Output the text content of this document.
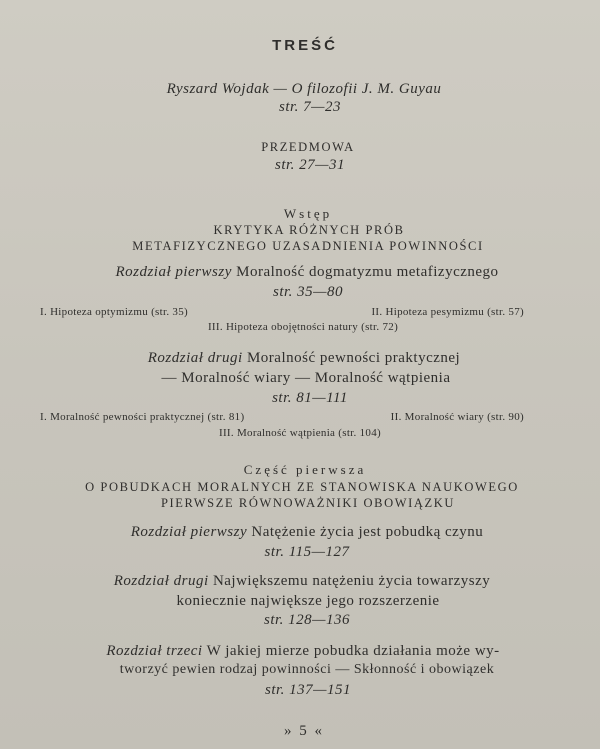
TREŚĆ
Ryszard Wojdak — O filozofii J. M. Guyau
str. 7—23
PRZEDMOWA
str. 27—31
Wstęp
KRYTYKA RÓŻNYCH PRÓB
METAFIZYCZNEGO UZASADNIENIA POWINNOŚCI
Rozdział pierwszy Moralność dogmatyzmu metafizycznego
str. 35—80
I. Hipoteza optymizmu (str. 35)	II. Hipoteza pesymizmu (str. 57)
III. Hipoteza obojętności natury (str. 72)
Rozdział drugi Moralność pewności praktycznej
— Moralność wiary — Moralność wątpienia
str. 81—111
I. Moralność pewności praktycznej (str. 81)	II. Moralność wiary (str. 90)
III. Moralność wątpienia (str. 104)
Część pierwsza
O POBUDKACH MORALNYCH ZE STANOWISKA NAUKOWEGO
PIERWSZE RÓWNOWAŻNIKI OBOWIĄZKU
Rozdział pierwszy Natężenie życia jest pobudką czynu
str. 115—127
Rozdział drugi Największemu natężeniu życia towarzyszy
koniecznie największe jego rozszerzenie
str. 128—136
Rozdział trzeci W jakiej mierze pobudka działania może wy-
tworzyć pewien rodzaj powinności — Skłonność i obowiązek
str. 137—151
» 5 «
